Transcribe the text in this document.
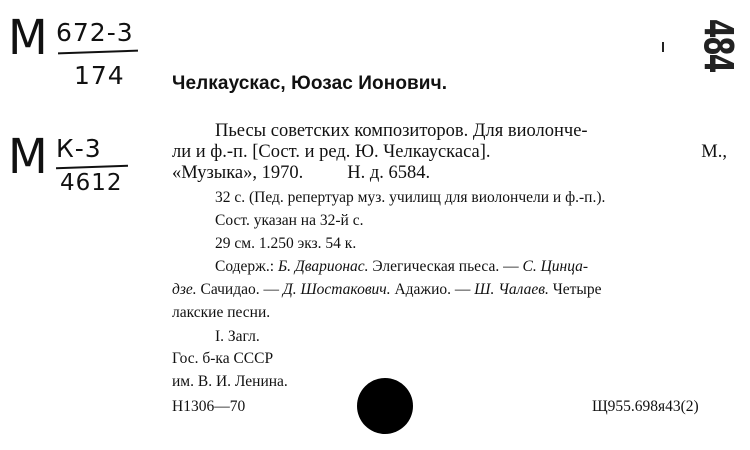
М 672-3
174
М К-3
4612
484
Челкаускас, Юозас Ионович.
Пьесы советских композиторов. Для виолонче-
ли и ф.-п. [Сост. и ред. Ю. Челкаускаса].	М.,
«Музыка», 1970. Н. д. 6584.
32 с. (Пед. репертуар муз. училищ для виолончели и ф.-п.).
Сост. указан на 32-й с.
29 см. 1.250 экз. 54 к.
Содерж.: Б. Дварионас. Элегическая пьеса. — С. Цинца-
дзе. Сачидао. — Д. Шостакович. Адажио. — Ш. Чалаев. Четыре
лакские песни.
I. Загл.
Гос. б-ка СССР
им. В. И. Ленина.
Н1306—70	Щ955.698я43(2)
